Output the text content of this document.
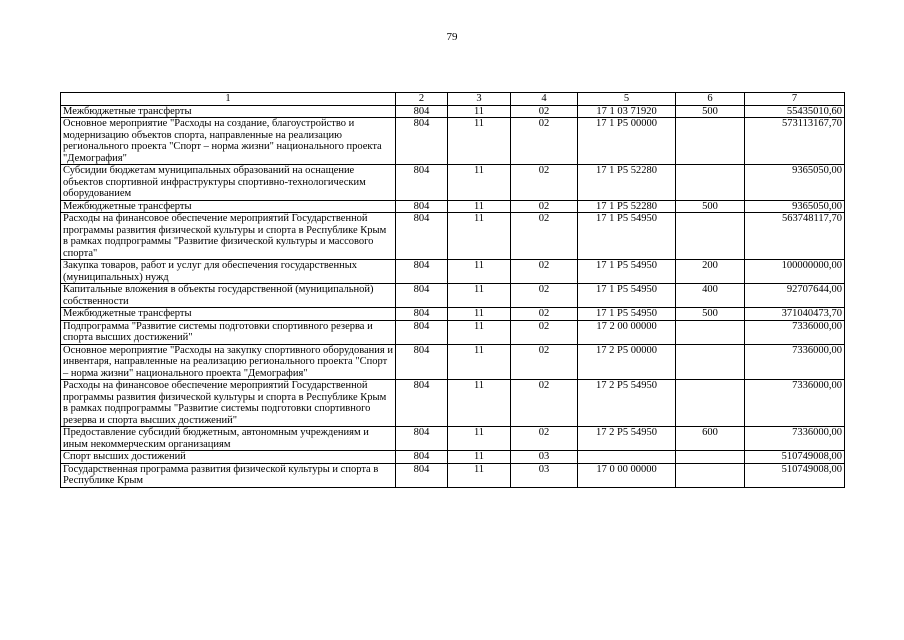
79
1	2	3	4	5	6	7
Межбюджетные трансферты	804	11	02	17 1 03 71920	500	55435010,60
Основное мероприятие "Расходы на создание, благоустройство и модернизацию объектов спорта, направленные на реализацию регионального проекта "Спорт – норма жизни" национального проекта "Демография"	804	11	02	17 1 P5 00000		573113167,70
Субсидии бюджетам муниципальных образований на оснащение объектов спортивной инфраструктуры спортивно-технологическим оборудованием	804	11	02	17 1 P5 52280		9365050,00
Межбюджетные трансферты	804	11	02	17 1 P5 52280	500	9365050,00
Расходы на финансовое обеспечение мероприятий Государственной программы развития физической культуры и спорта в Республике Крым в рамках подпрограммы "Развитие физической культуры и массового спорта"	804	11	02	17 1 P5 54950		563748117,70
Закупка товаров, работ и услуг для обеспечения государственных (муниципальных) нужд	804	11	02	17 1 P5 54950	200	100000000,00
Капитальные вложения в объекты государственной (муниципальной) собственности	804	11	02	17 1 P5 54950	400	92707644,00
Межбюджетные трансферты	804	11	02	17 1 P5 54950	500	371040473,70
Подпрограмма "Развитие системы подготовки спортивного резерва и спорта высших достижений"	804	11	02	17 2 00 00000		7336000,00
Основное мероприятие "Расходы на закупку спортивного оборудования и инвентаря, направленные на реализацию регионального проекта "Спорт – норма жизни" национального проекта "Демография"	804	11	02	17 2 P5 00000		7336000,00
Расходы на финансовое обеспечение мероприятий Государственной программы развития физической культуры и спорта в Республике Крым в рамках подпрограммы "Развитие системы подготовки спортивного резерва и спорта высших достижений"	804	11	02	17 2 P5 54950		7336000,00
Предоставление субсидий бюджетным, автономным учреждениям и иным некоммерческим организациям	804	11	02	17 2 P5 54950	600	7336000,00
Спорт высших достижений	804	11	03			510749008,00
Государственная программа развития физической культуры и спорта в Республике Крым	804	11	03	17 0 00 00000		510749008,00
